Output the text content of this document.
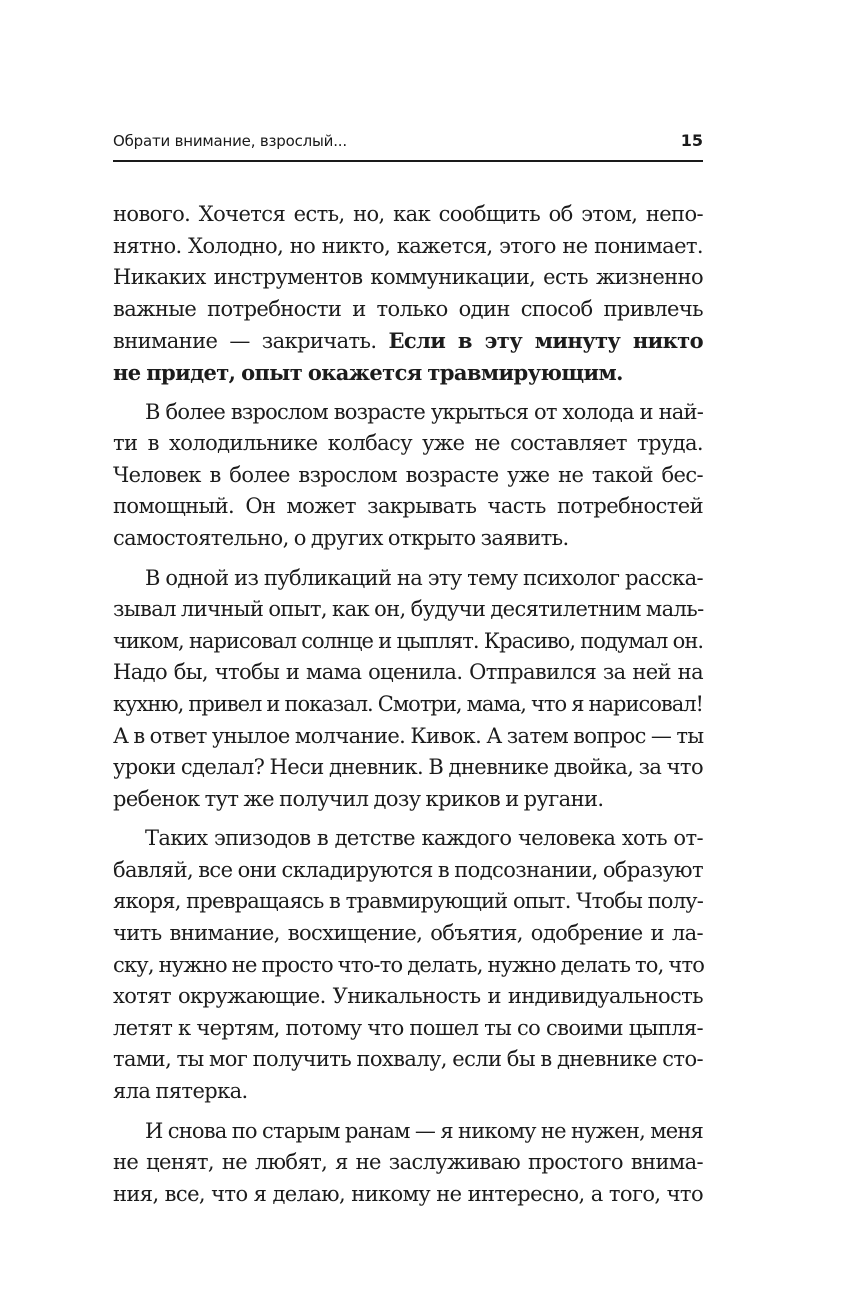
Обрати внимание, взрослый...	15
нового. Хочется есть, но, как сообщить об этом, непо-
нятно. Холодно, но никто, кажется, этого не понимает.
Никаких инструментов коммуникации, есть жизненно
важные потребности и только один способ привлечь
внимание — закричать. Если в эту минуту никто
не придет, опыт окажется травмирующим.
В более взрослом возрасте укрыться от холода и най-
ти в холодильнике колбасу уже не составляет труда.
Человек в более взрослом возрасте уже не такой бес-
помощный. Он может закрывать часть потребностей
самостоятельно, о других открыто заявить.
В одной из публикаций на эту тему психолог расска-
зывал личный опыт, как он, будучи десятилетним маль-
чиком, нарисовал солнце и цыплят. Красиво, подумал он.
Надо бы, чтобы и мама оценила. Отправился за ней на
кухню, привел и показал. Смотри, мама, что я нарисовал!
А в ответ унылое молчание. Кивок. А затем вопрос — ты
уроки сделал? Неси дневник. В дневнике двойка, за что
ребенок тут же получил дозу криков и ругани.
Таких эпизодов в детстве каждого человека хоть от-
бавляй, все они складируются в подсознании, образуют
якоря, превращаясь в травмирующий опыт. Чтобы полу-
чить внимание, восхищение, объятия, одобрение и ла-
ску, нужно не просто что-то делать, нужно делать то, что
хотят окружающие. Уникальность и индивидуальность
летят к чертям, потому что пошел ты со своими цыпля-
тами, ты мог получить похвалу, если бы в дневнике сто-
яла пятерка.
И снова по старым ранам — я никому не нужен, меня
не ценят, не любят, я не заслуживаю простого внима-
ния, все, что я делаю, никому не интересно, а того, что
